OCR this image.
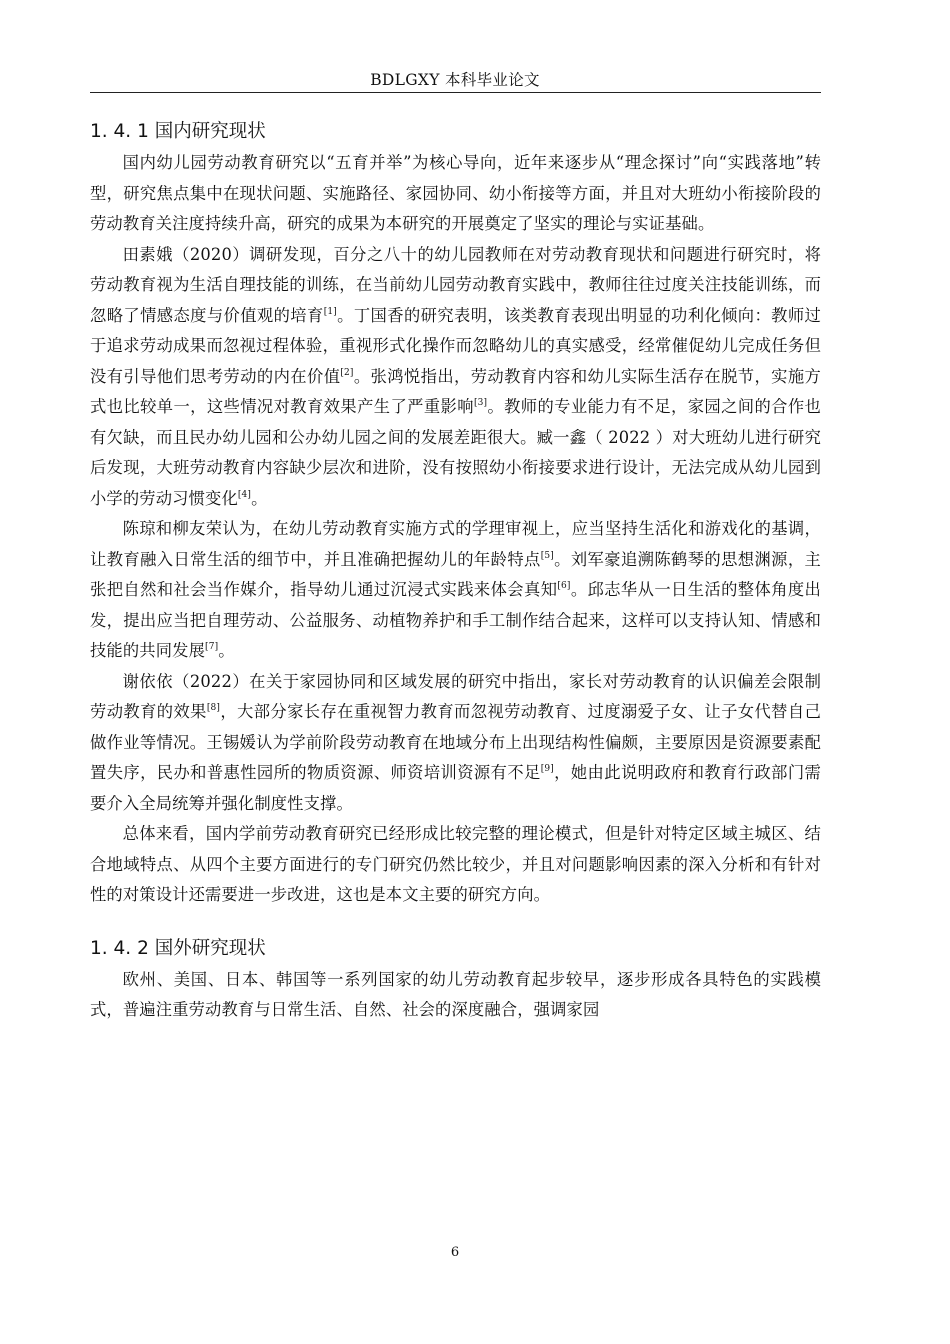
BDLGXY 本科毕业论文
1. 4. 1 国内研究现状

国内幼儿园劳动教育研究以“五育并举”为核心导向，近年来逐步从“理念探讨”向“实践落地”转型，研究焦点集中在现状问题、实施路径、家园协同、幼小衔接等方面，并且对大班幼小衔接阶段的劳动教育关注度持续升高，研究的成果为本研究的开展奠定了坚实的理论与实证基础。

田素娥（2020）调研发现，百分之八十的幼儿园教师在对劳动教育现状和问题进行研究时，将劳动教育视为生活自理技能的训练，在当前幼儿园劳动教育实践中，教师往往过度关注技能训练，而忽略了情感态度与价值观的培育[1]。丁国香的研究表明，该类教育表现出明显的功利化倾向：教师过于追求劳动成果而忽视过程体验，重视形式化操作而忽略幼儿的真实感受，经常催促幼儿完成任务但没有引导他们思考劳动的内在价值[2]。张鸿悦指出，劳动教育内容和幼儿实际生活存在脱节，实施方式也比较单一，这些情况对教育效果产生了严重影响[3]。教师的专业能力有不足，家园之间的合作也有欠缺，而且民办幼儿园和公办幼儿园之间的发展差距很大。臧一鑫（ 2022 ）对大班幼儿进行研究后发现，大班劳动教育内容缺少层次和进阶，没有按照幼小衔接要求进行设计，无法完成从幼儿园到小学的劳动习惯变化[4]。

陈琼和柳友荣认为，在幼儿劳动教育实施方式的学理审视上，应当坚持生活化和游戏化的基调，让教育融入日常生活的细节中，并且准确把握幼儿的年龄特点[5]。刘军豪追溯陈鹤琴的思想渊源，主张把自然和社会当作媒介，指导幼儿通过沉浸式实践来体会真知[6]。邱志华从一日生活的整体角度出发，提出应当把自理劳动、公益服务、动植物养护和手工制作结合起来，这样可以支持认知、情感和技能的共同发展[7]。

谢依依（2022）在关于家园协同和区域发展的研究中指出，家长对劳动教育的认识偏差会限制劳动教育的效果[8]，大部分家长存在重视智力教育而忽视劳动教育、过度溺爱子女、让子女代替自己做作业等情况。王锡媛认为学前阶段劳动教育在地域分布上出现结构性偏颇，主要原因是资源要素配置失序，民办和普惠性园所的物质资源、师资培训资源有不足[9]，她由此说明政府和教育行政部门需要介入全局统筹并强化制度性支撑。

总体来看，国内学前劳动教育研究已经形成比较完整的理论模式，但是针对特定区域主城区、结合地域特点、从四个主要方面进行的专门研究仍然比较少，并且对问题影响因素的深入分析和有针对性的对策设计还需要进一步改进，这也是本文主要的研究方向。

1. 4. 2 国外研究现状

欧州、美国、日本、韩国等一系列国家的幼儿劳动教育起步较早，逐步形成各具特色的实践模式，普遍注重劳动教育与日常生活、自然、社会的深度融合，强调家园

6
